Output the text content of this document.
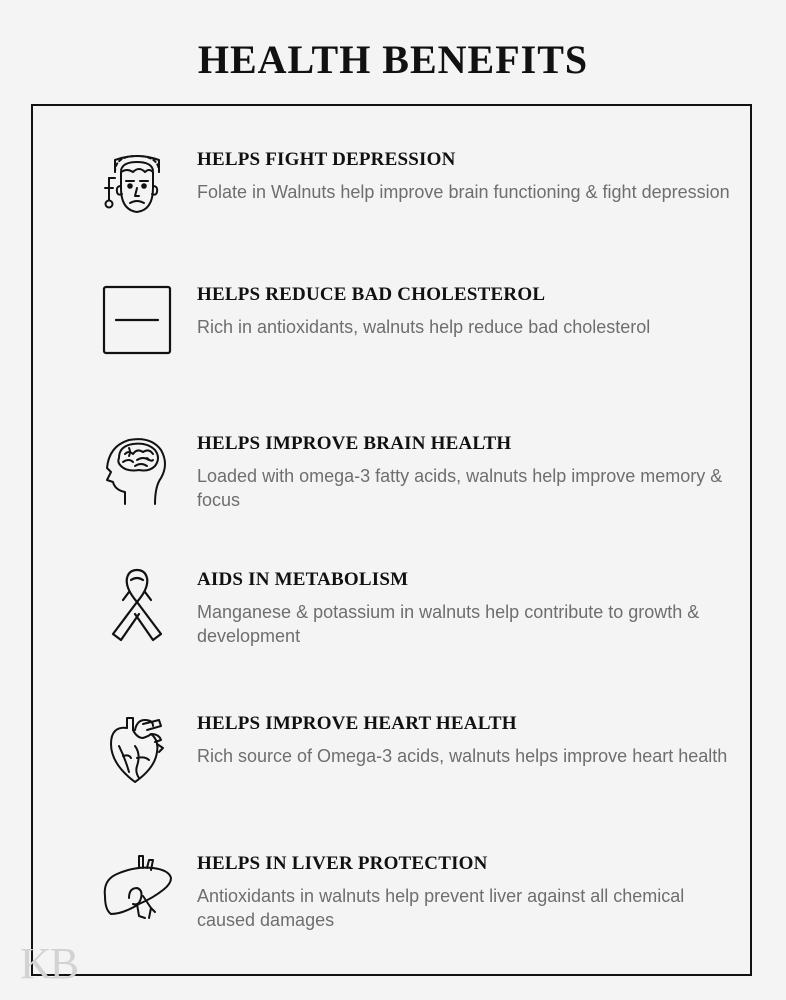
HEALTH BENEFITS
HELPS FIGHT DEPRESSION

Folate in Walnuts help improve brain functioning & fight depression

HELPS REDUCE BAD CHOLESTEROL

Rich in antioxidants, walnuts help reduce bad cholesterol

HELPS IMPROVE BRAIN HEALTH

Loaded with omega-3 fatty acids, walnuts help improve memory & focus

AIDS IN METABOLISM

Manganese & potassium in walnuts help contribute to growth & development

HELPS IMPROVE HEART HEALTH

Rich source of Omega-3 acids, walnuts helps improve heart health

HELPS IN LIVER PROTECTION

Antioxidants in walnuts help prevent liver against all chemical caused damages

KB
